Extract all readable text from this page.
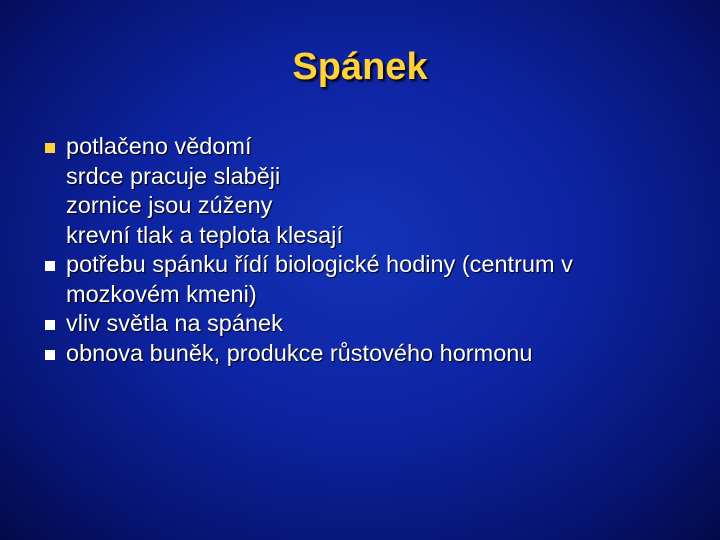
Spánek
potlačeno vědomí
srdce pracuje slaběji
zornice jsou zúženy
krevní tlak a teplota klesají
potřebu spánku řídí biologické hodiny (centrum v
mozkovém kmeni)
vliv světla na spánek
obnova buněk, produkce růstového hormonu
